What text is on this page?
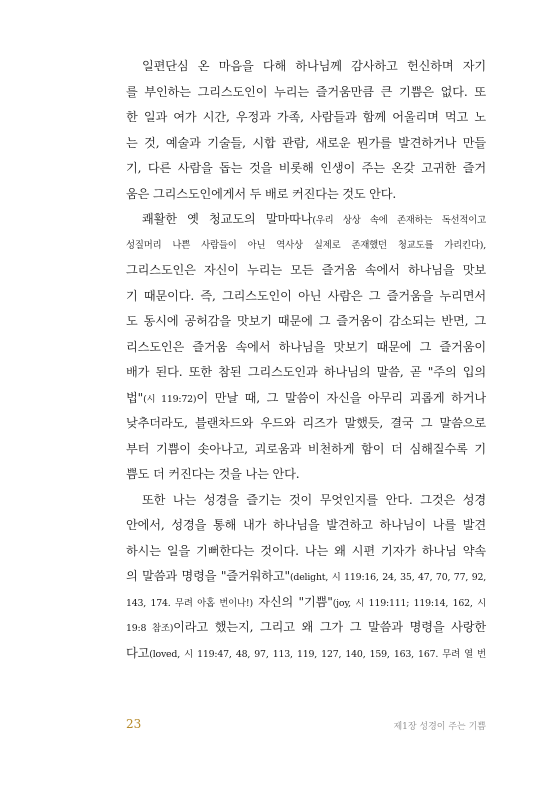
일편단심 온 마음을 다해 하나님께 감사하고 헌신하며 자기
를 부인하는 그리스도인이 누리는 즐거움만큼 큰 기쁨은 없다. 또
한 일과 여가 시간, 우정과 가족, 사람들과 함께 어울리며 먹고 노
는 것, 예술과 기술들, 시합 관람, 새로운 뭔가를 발견하거나 만들
기, 다른 사람을 돕는 것을 비롯해 인생이 주는 온갖 고귀한 즐거
움은 그리스도인에게서 두 배로 커진다는 것도 안다.
쾌활한 옛 청교도의 말마따나(우리 상상 속에 존재하는 독선적이고
성질머리 나쁜 사람들이 아닌 역사상 실제로 존재했던 청교도를 가리킨다),
그리스도인은 자신이 누리는 모든 즐거움 속에서 하나님을 맛보
기 때문이다. 즉, 그리스도인이 아닌 사람은 그 즐거움을 누리면서
도 동시에 공허감을 맛보기 때문에 그 즐거움이 감소되는 반면, 그
리스도인은 즐거움 속에서 하나님을 맛보기 때문에 그 즐거움이
배가 된다. 또한 참된 그리스도인과 하나님의 말씀, 곧 "주의 입의
법"(시 119:72)이 만날 때, 그 말씀이 자신을 아무리 괴롭게 하거나
낮추더라도, 블랜차드와 우드와 리즈가 말했듯, 결국 그 말씀으로
부터 기쁨이 솟아나고, 괴로움과 비천하게 함이 더 심해질수록 기
쁨도 더 커진다는 것을 나는 안다.
또한 나는 성경을 즐기는 것이 무엇인지를 안다. 그것은 성경
안에서, 성경을 통해 내가 하나님을 발견하고 하나님이 나를 발견
하시는 일을 기뻐한다는 것이다. 나는 왜 시편 기자가 하나님 약속
의 말씀과 명령을 "즐거워하고"(delight, 시 119:16, 24, 35, 47, 70, 77, 92,
143, 174. 무려 아홉 번이나!) 자신의 "기쁨"(joy, 시 119:111; 119:14, 162, 시
19:8 참조)이라고 했는지, 그리고 왜 그가 그 말씀과 명령을 사랑한
다고(loved, 시 119:47, 48, 97, 113, 119, 127, 140, 159, 163, 167. 무려 열 번
23	제1장 성경이 주는 기쁨
